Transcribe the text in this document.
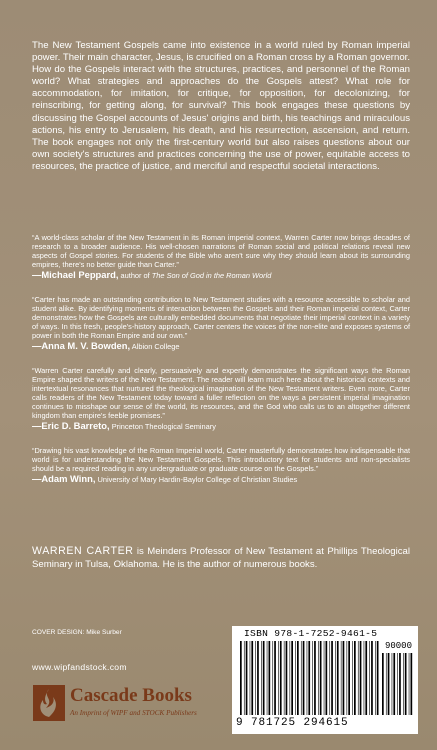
The New Testament Gospels came into existence in a world ruled by Roman imperial power. Their main character, Jesus, is crucified on a Roman cross by a Roman governor. How do the Gospels interact with the structures, practices, and personnel of the Roman world? What strategies and approaches do the Gospels attest? What role for accommodation, for imitation, for critique, for opposition, for decolonizing, for reinscribing, for getting along, for survival? This book engages these questions by discussing the Gospel accounts of Jesus' origins and birth, his teachings and miraculous actions, his entry to Jerusalem, his death, and his resurrection, ascension, and return. The book engages not only the first-century world but also raises questions about our own society's structures and practices concerning the use of power, equitable access to resources, the practice of justice, and merciful and respectful societal interactions.

“A world-class scholar of the New Testament in its Roman imperial context, Warren Carter now brings decades of research to a broader audience. His well-chosen narrations of Roman social and political relations reveal new aspects of Gospel stories. For students of the Bible who aren't sure why they should learn about its surrounding empires, there's no better guide than Carter.”

—Michael Peppard, author of The Son of God in the Roman World

“Carter has made an outstanding contribution to New Testament studies with a resource accessible to scholar and student alike. By identifying moments of interaction between the Gospels and their Roman imperial context, Carter demonstrates how the Gospels are culturally embedded documents that negotiate their imperial context in a variety of ways. In this fresh, people's-history approach, Carter centers the voices of the non-elite and exposes systems of power in both the Roman Empire and our own.”

—Anna M. V. Bowden, Albion College

“Warren Carter carefully and clearly, persuasively and expertly demonstrates the significant ways the Roman Empire shaped the writers of the New Testament. The reader will learn much here about the historical contexts and intertextual resonances that nurtured the theological imagination of the New Testament writers. Even more, Carter calls readers of the New Testament today toward a fuller reflection on the ways a persistent imperial imagination continues to misshape our sense of the world, its resources, and the God who calls us to an altogether different kingdom than empire's feeble promises.”

—Eric D. Barreto, Princeton Theological Seminary

“Drawing his vast knowledge of the Roman Imperial world, Carter masterfully demonstrates how indispensable that world is for understanding the New Testament Gospels. This introductory text for students and non-specialists should be a required reading in any undergraduate or graduate course on the Gospels.”

—Adam Winn, University of Mary Hardin-Baylor College of Christian Studies

WARREN CARTER is Meinders Professor of New Testament at Phillips Theological Seminary in Tulsa, Oklahoma. He is the author of numerous books.

COVER DESIGN: Mike Surber
www.wipfandstock.com
Cascade Books
An Imprint of WIPF and STOCK Publishers
ISBN 978-1-7252-9461-5
90000
9 781725 294615
